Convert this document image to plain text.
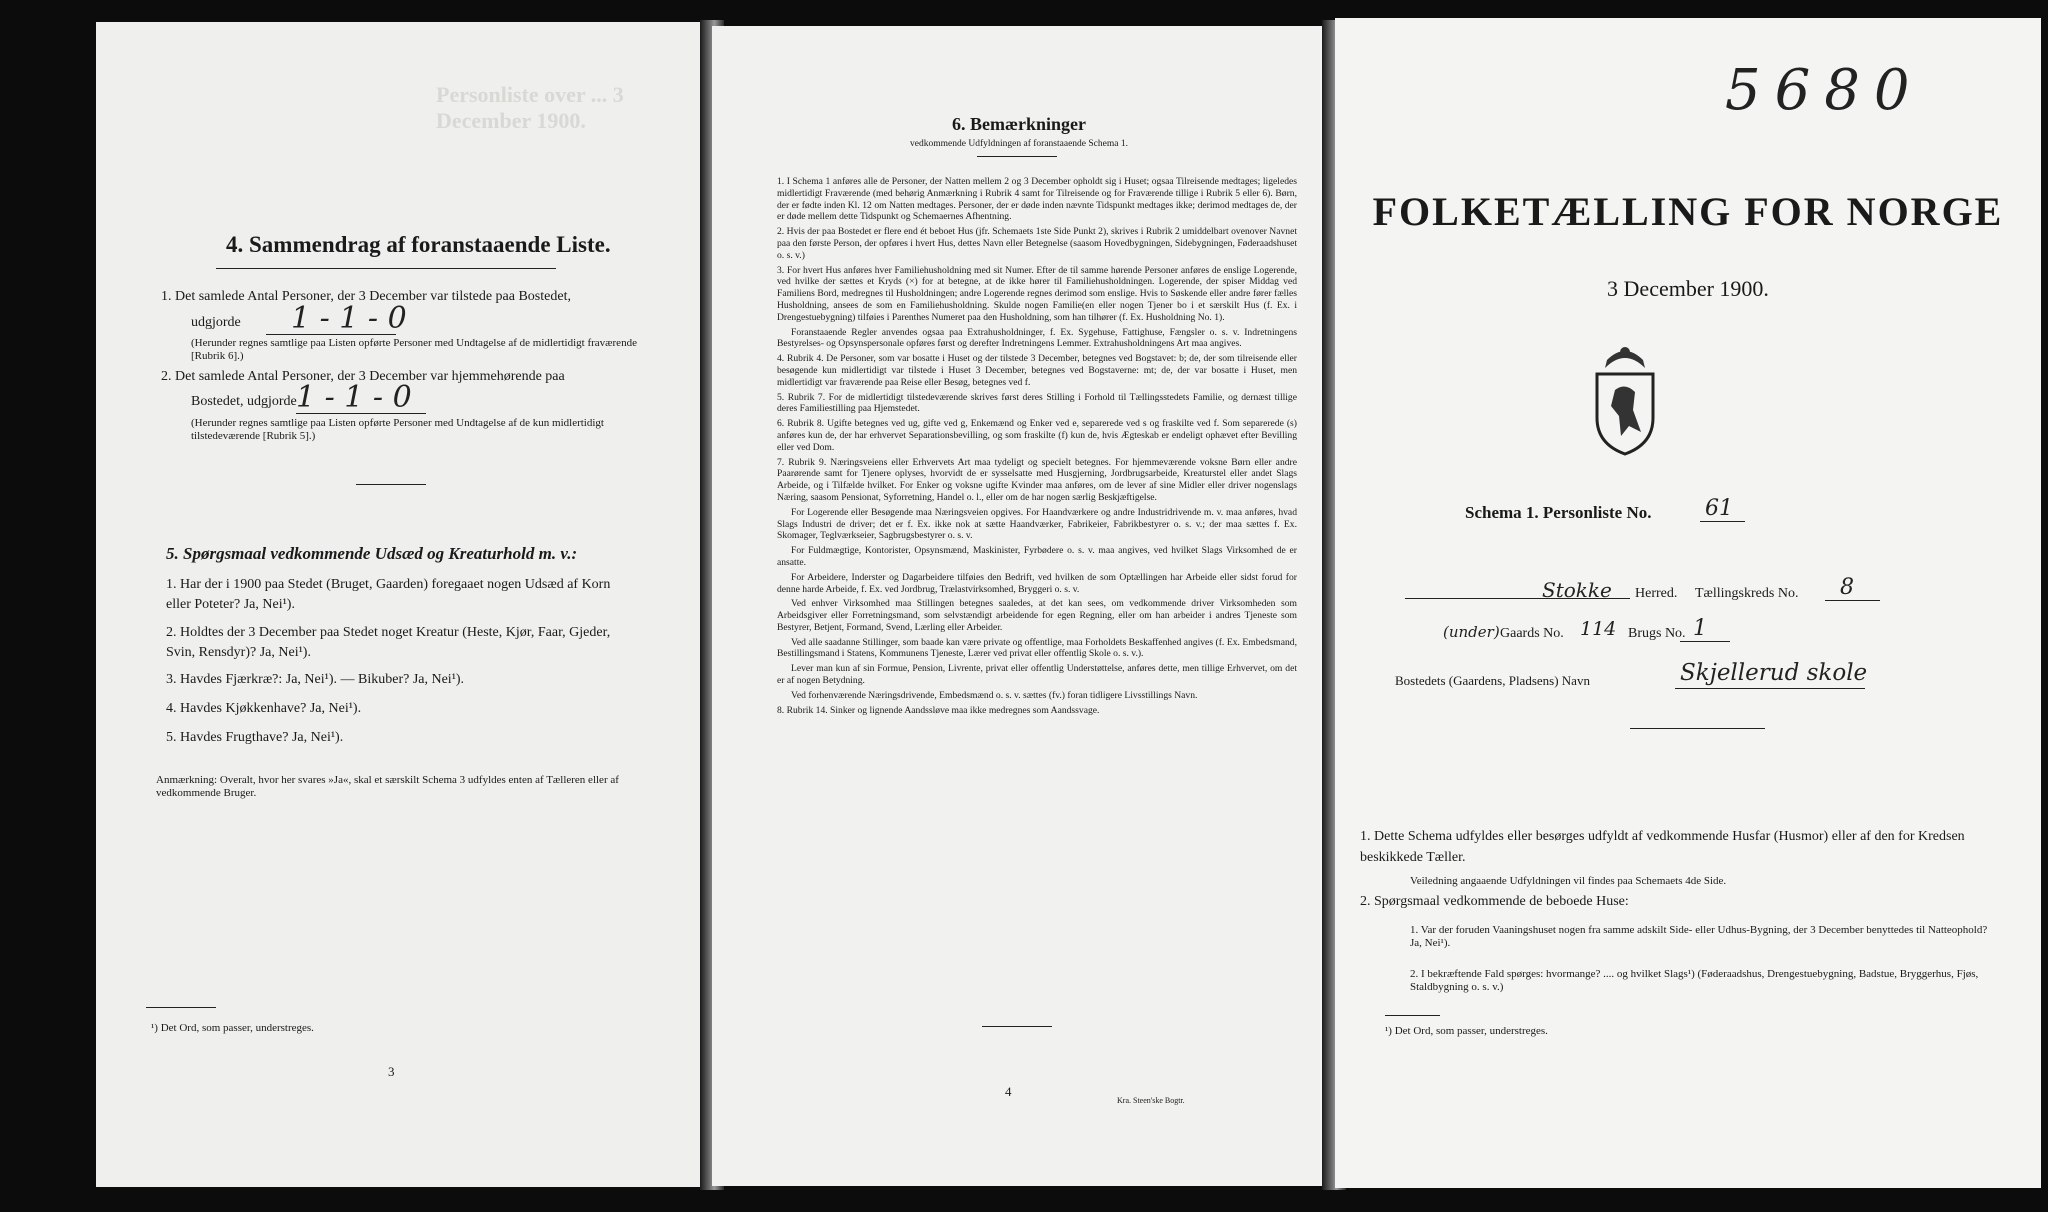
Personliste over ... 3 December 1900.
4. Sammendrag af foranstaaende Liste.
1. Det samlede Antal Personer, der 3 December var tilstede paa Bostedet,
udgjorde 1 - 1 - 0
(Herunder regnes samtlige paa Listen opførte Personer med Undtagelse af de midlertidigt fraværende [Rubrik 6].)
2. Det samlede Antal Personer, der 3 December var hjemmehørende paa
Bostedet, udgjorde 1 - 1 - 0
(Herunder regnes samtlige paa Listen opførte Personer med Undtagelse af de kun midlertidigt tilstedeværende [Rubrik 5].)
5. Spørgsmaal vedkommende Udsæd og Kreaturhold m. v.:
1. Har der i 1900 paa Stedet (Bruget, Gaarden) foregaaet nogen Udsæd af Korn eller Poteter? Ja, Nei¹).
2. Holdtes der 3 December paa Stedet noget Kreatur (Heste, Kjør, Faar, Gjeder, Svin, Rensdyr)? Ja, Nei¹).
3. Havdes Fjærkræ?: Ja, Nei¹). — Bikuber? Ja, Nei¹).
4. Havdes Kjøkkenhave? Ja, Nei¹).
5. Havdes Frugthave? Ja, Nei¹).
Anmærkning: Overalt, hvor her svares »Ja«, skal et særskilt Schema 3 udfyldes enten af Tælleren eller af vedkommende Bruger.
¹) Det Ord, som passer, understreges.
3
6. Bemærkninger
vedkommende Udfyldningen af foranstaaende Schema 1.

1. I Schema 1 anføres alle de Personer, der Natten mellem 2 og 3 December opholdt sig i Huset; ogsaa Tilreisende medtages; ligeledes midlertidigt Fraværende (med behørig Anmærkning i Rubrik 4 samt for Tilreisende og for Fraværende tillige i Rubrik 5 eller 6). Børn, der er fødte inden Kl. 12 om Natten medtages. Personer, der er døde inden nævnte Tidspunkt medtages ikke; derimod medtages de, der er døde mellem dette Tidspunkt og Schemaernes Afhentning.

2. Hvis der paa Bostedet er flere end ét beboet Hus (jfr. Schemaets 1ste Side Punkt 2), skrives i Rubrik 2 umiddelbart ovenover Navnet paa den første Person, der opføres i hvert Hus, dettes Navn eller Betegnelse (saasom Hovedbygningen, Sidebygningen, Føderaadshuset o. s. v.)

3. For hvert Hus anføres hver Familiehusholdning med sit Numer. Efter de til samme hørende Personer anføres de enslige Logerende, ved hvilke der sættes et Kryds (×) for at betegne, at de ikke hører til Familiehusholdningen. Logerende, der spiser Middag ved Familiens Bord, medregnes til Husholdningen; andre Logerende regnes derimod som enslige. Hvis to Søskende eller andre fører fælles Husholdning, ansees de som en Familiehusholdning. Skulde nogen Familie(en eller nogen Tjener bo i et særskilt Hus (f. Ex. i Drengestuebygning) tilføies i Parenthes Numeret paa den Husholdning, som han tilhører (f. Ex. Husholdning No. 1).

Foranstaaende Regler anvendes ogsaa paa Extrahusholdninger, f. Ex. Sygehuse, Fattighuse, Fængsler o. s. v. Indretningens Bestyrelses- og Opsynspersonale opføres først og derefter Indretningens Lemmer. Extrahusholdningens Art maa angives.

4. Rubrik 4. De Personer, som var bosatte i Huset og der tilstede 3 December, betegnes ved Bogstavet: b; de, der som tilreisende eller besøgende kun midlertidigt var tilstede i Huset 3 December, betegnes ved Bogstaverne: mt; de, der var bosatte i Huset, men midlertidigt var fraværende paa Reise eller Besøg, betegnes ved f.

5. Rubrik 7. For de midlertidigt tilstedeværende skrives først deres Stilling i Forhold til Tællingsstedets Familie, og dernæst tillige deres Familiestilling paa Hjemstedet.

6. Rubrik 8. Ugifte betegnes ved ug, gifte ved g, Enkemænd og Enker ved e, separerede ved s og fraskilte ved f. Som separerede (s) anføres kun de, der har erhvervet Separationsbevilling, og som fraskilte (f) kun de, hvis Ægteskab er endeligt ophævet efter Bevilling eller ved Dom.

7. Rubrik 9. Næringsveiens eller Erhvervets Art maa tydeligt og specielt betegnes. For hjemmeværende voksne Børn eller andre Paarørende samt for Tjenere oplyses, hvorvidt de er sysselsatte med Husgjerning, Jordbrugsarbeide, Kreaturstel eller andet Slags Arbeide, og i Tilfælde hvilket. For Enker og voksne ugifte Kvinder maa anføres, om de lever af sine Midler eller driver nogenslags Næring, saasom Pensionat, Syforretning, Handel o. l., eller om de har nogen særlig Beskjæftigelse.

For Logerende eller Besøgende maa Næringsveien opgives. For Haandværkere og andre Industridrivende m. v. maa anføres, hvad Slags Industri de driver; det er f. Ex. ikke nok at sætte Haandværker, Fabrikeier, Fabrikbestyrer o. s. v.; der maa sættes f. Ex. Skomager, Teglværkseier, Sagbrugsbestyrer o. s. v.

For Fuldmægtige, Kontorister, Opsynsmænd, Maskinister, Fyrbødere o. s. v. maa angives, ved hvilket Slags Virksomhed de er ansatte.

For Arbeidere, Inderster og Dagarbeidere tilføies den Bedrift, ved hvilken de som Optællingen har Arbeide eller sidst forud for denne harde Arbeide, f. Ex. ved Jordbrug, Trælastvirksomhed, Bryggeri o. s. v.

Ved enhver Virksomhed maa Stillingen betegnes saaledes, at det kan sees, om vedkommende driver Virksomheden som Arbeidsgiver eller Forretningsmand, som selvstændigt arbeidende for egen Regning, eller om han arbeider i andres Tjeneste som Bestyrer, Betjent, Formand, Svend, Lærling eller Arbeider.

Ved alle saadanne Stillinger, som baade kan være private og offentlige, maa Forholdets Beskaffenhed angives (f. Ex. Embedsmand, Bestillingsmand i Statens, Kommunens Tjeneste, Lærer ved privat eller offentlig Skole o. s. v.).

Lever man kun af sin Formue, Pension, Livrente, privat eller offentlig Understøttelse, anføres dette, men tillige Erhvervet, om det er af nogen Betydning.

Ved forhenværende Næringsdrivende, Embedsmænd o. s. v. sættes (fv.) foran tidligere Livsstillings Navn.

8. Rubrik 14. Sinker og lignende Aandssløve maa ikke medregnes som Aandssvage.

4
Kra. Steen'ske Bogtr.
5680
FOLKETÆLLING FOR NORGE
3 December 1900.
Schema 1. Personliste No. 61
Stokke Herred. Tællingskreds No. 8
(under) Gaards No. 114 Brugs No. 1
Bostedets (Gaardens, Pladsens) Navn	Skjellerud skole
1. Dette Schema udfyldes eller besørges udfyldt af vedkommende Husfar (Husmor) eller af den for Kredsen beskikkede Tæller.
Veiledning angaaende Udfyldningen vil findes paa Schemaets 4de Side.
2. Spørgsmaal vedkommende de beboede Huse:
1. Var der foruden Vaaningshuset nogen fra samme adskilt Side- eller Udhus-Bygning, der 3 December benyttedes til Natteophold? Ja, Nei¹).
2. I bekræftende Fald spørges: hvormange? .... og hvilket Slags¹) (Føderaadshus, Drengestuebygning, Badstue, Bryggerhus, Fjøs, Staldbygning o. s. v.)
¹) Det Ord, som passer, understreges.
